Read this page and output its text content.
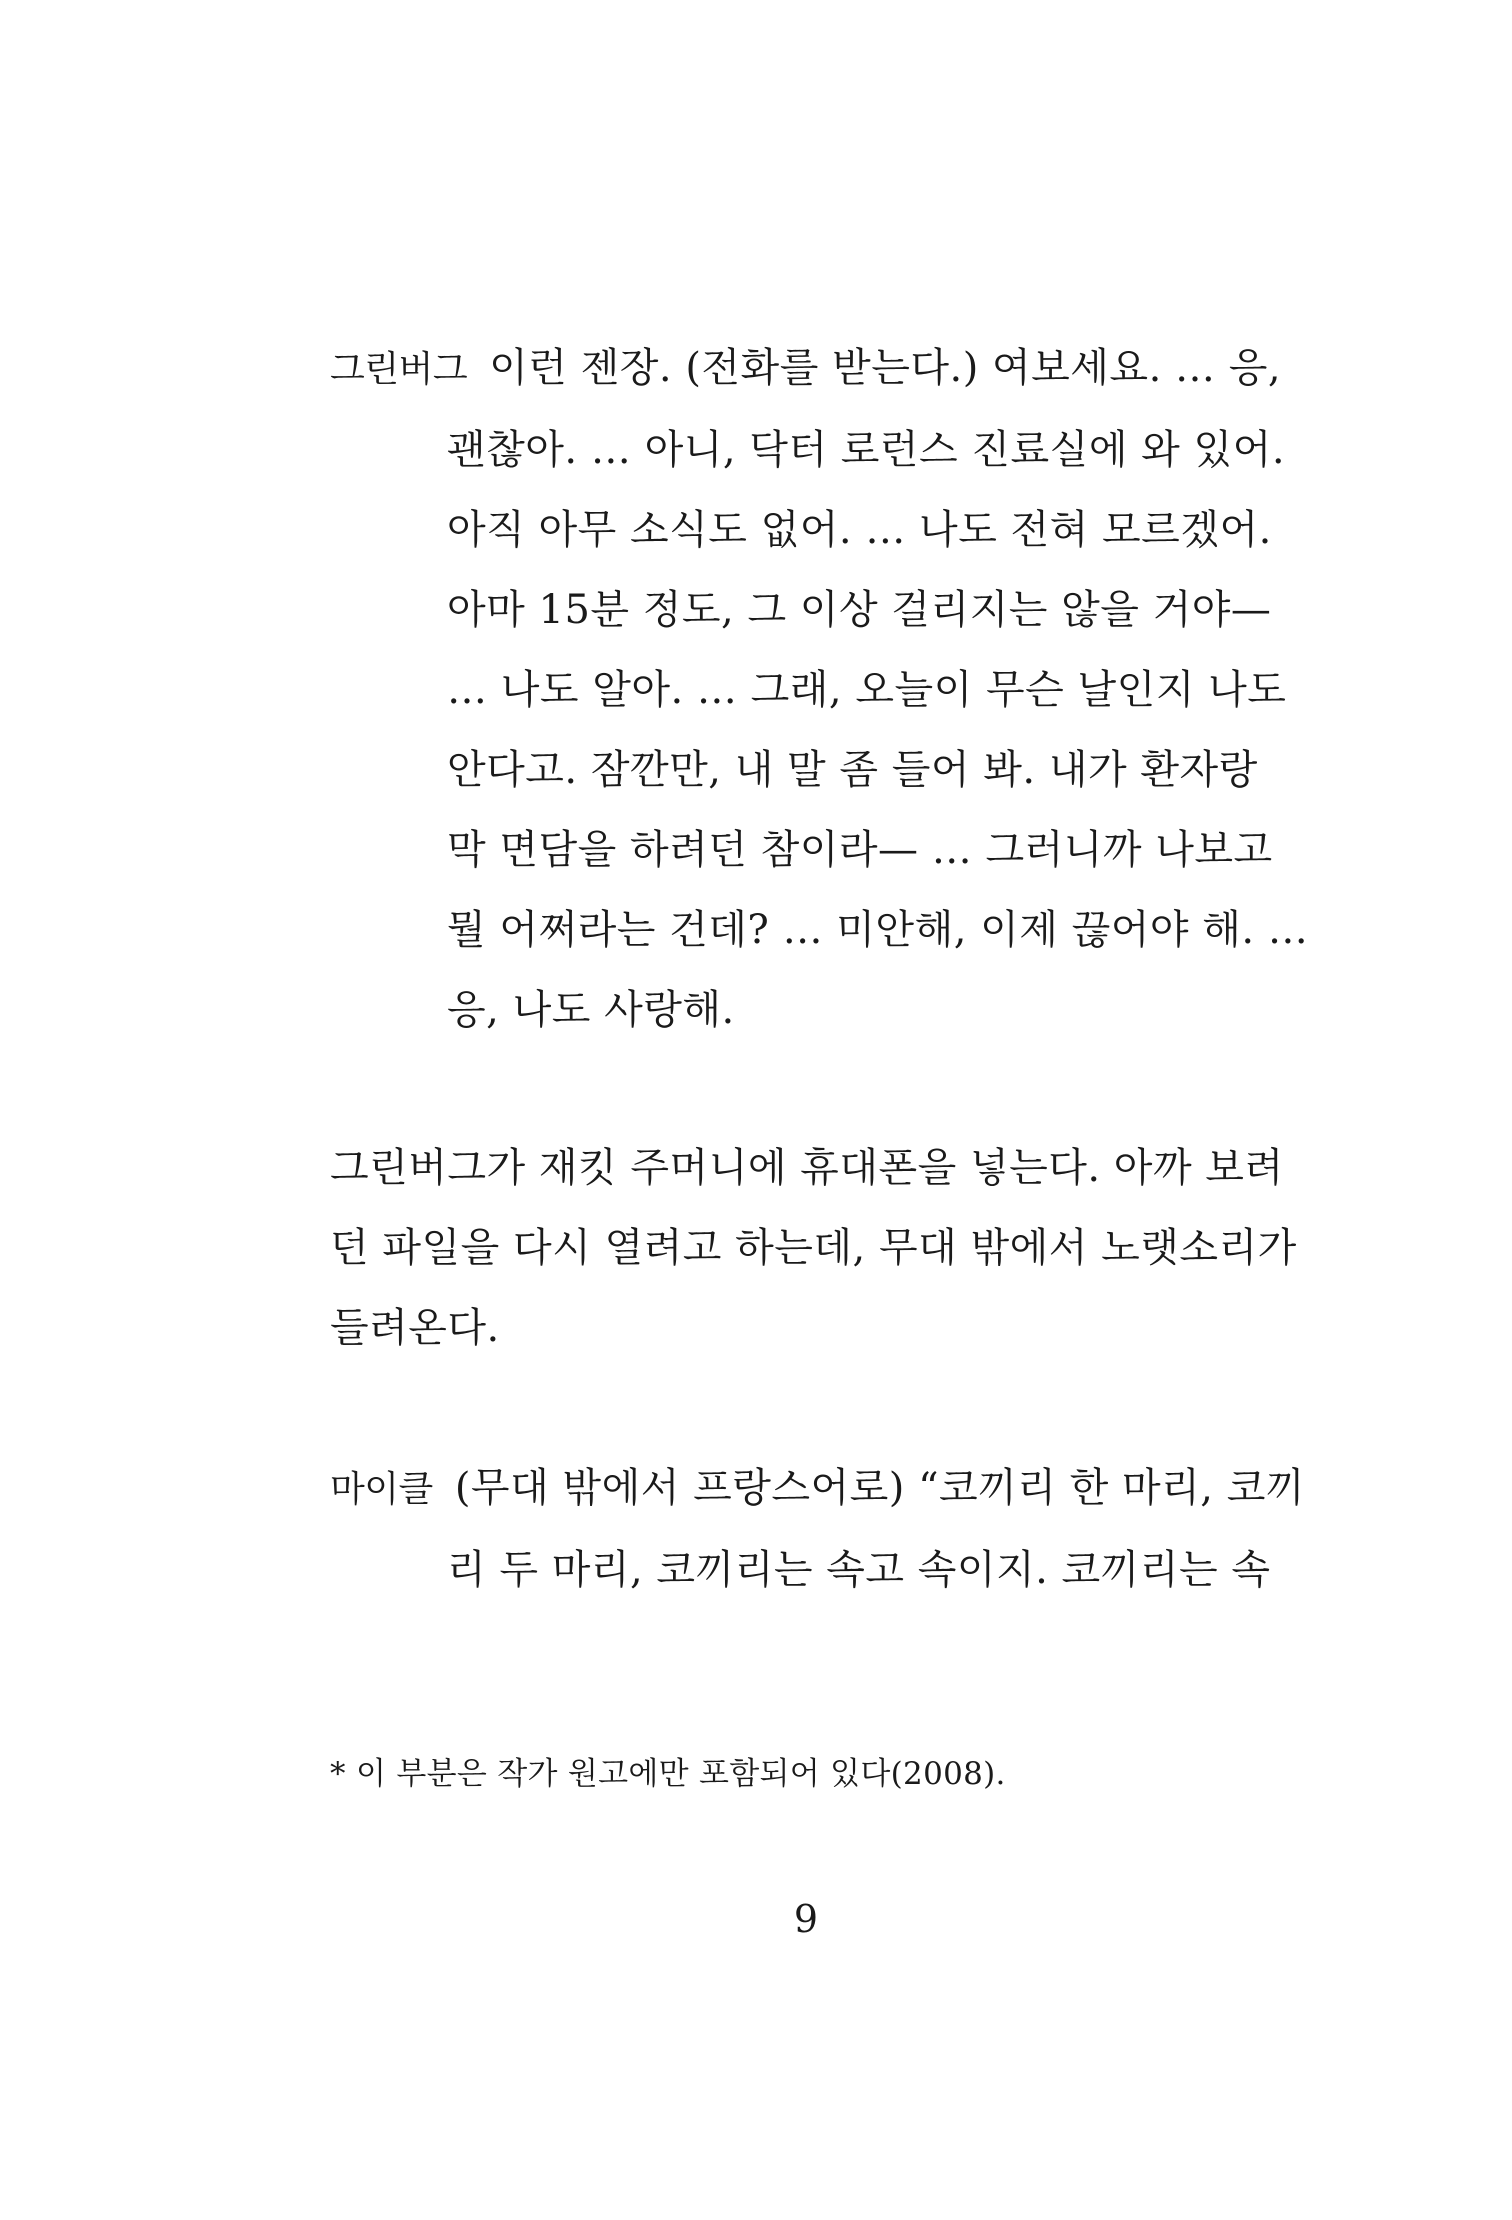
그린버그 이런 젠장. (전화를 받는다.) 여보세요. … 응,
괜찮아. … 아니, 닥터 로런스 진료실에 와 있어.
아직 아무 소식도 없어. … 나도 전혀 모르겠어.
아마 15분 정도, 그 이상 걸리지는 않을 거야—
… 나도 알아. … 그래, 오늘이 무슨 날인지 나도
안다고. 잠깐만, 내 말 좀 들어 봐. 내가 환자랑
막 면담을 하려던 참이라— … 그러니까 나보고
뭘 어쩌라는 건데? … 미안해, 이제 끊어야 해. …
응, 나도 사랑해.
그린버그가 재킷 주머니에 휴대폰을 넣는다. 아까 보려
던 파일을 다시 열려고 하는데, 무대 밖에서 노랫소리가
들려온다.
마이클 (무대 밖에서 프랑스어로) “코끼리 한 마리, 코끼
리 두 마리, 코끼리는 속고 속이지. 코끼리는 속
* 이 부분은 작가 원고에만 포함되어 있다(2008).
9
